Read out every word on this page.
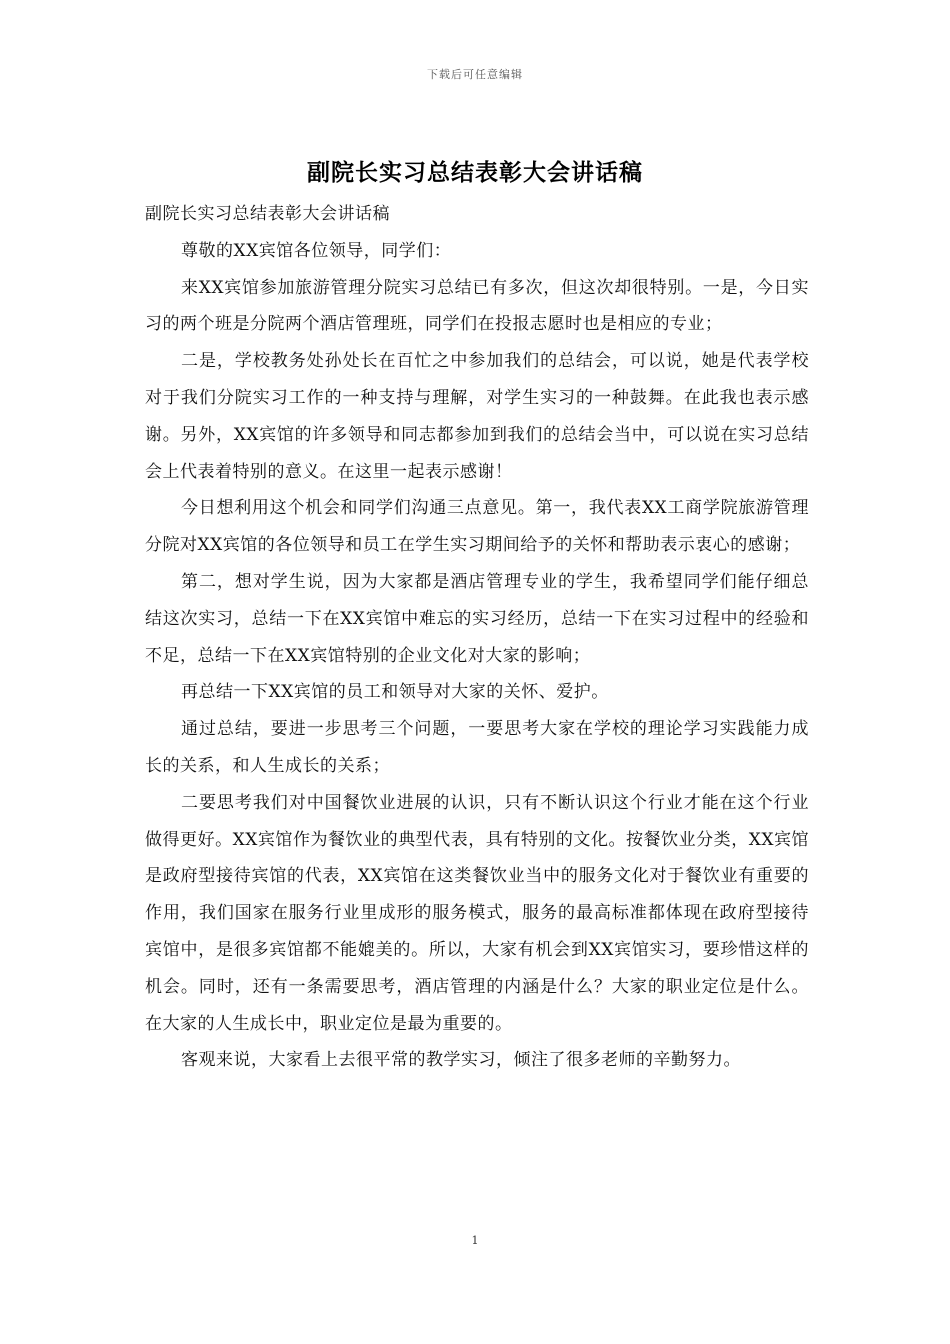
下载后可任意编辑
副院长实习总结表彰大会讲话稿

副院长实习总结表彰大会讲话稿

尊敬的XX宾馆各位领导，同学们：

来XX宾馆参加旅游管理分院实习总结已有多次，但这次却很特别。一是，今日实习的两个班是分院两个酒店管理班，同学们在投报志愿时也是相应的专业；

二是，学校教务处孙处长在百忙之中参加我们的总结会，可以说，她是代表学校对于我们分院实习工作的一种支持与理解，对学生实习的一种鼓舞。在此我也表示感谢。另外，XX宾馆的许多领导和同志都参加到我们的总结会当中，可以说在实习总结会上代表着特别的意义。在这里一起表示感谢！

今日想利用这个机会和同学们沟通三点意见。第一，我代表XX工商学院旅游管理分院对XX宾馆的各位领导和员工在学生实习期间给予的关怀和帮助表示衷心的感谢；

第二，想对学生说，因为大家都是酒店管理专业的学生，我希望同学们能仔细总结这次实习，总结一下在XX宾馆中难忘的实习经历，总结一下在实习过程中的经验和不足，总结一下在XX宾馆特别的企业文化对大家的影响；

再总结一下XX宾馆的员工和领导对大家的关怀、爱护。

通过总结，要进一步思考三个问题，一要思考大家在学校的理论学习实践能力成长的关系，和人生成长的关系；

二要思考我们对中国餐饮业进展的认识，只有不断认识这个行业才能在这个行业做得更好。XX宾馆作为餐饮业的典型代表，具有特别的文化。按餐饮业分类，XX宾馆是政府型接待宾馆的代表，XX宾馆在这类餐饮业当中的服务文化对于餐饮业有重要的作用，我们国家在服务行业里成形的服务模式，服务的最高标准都体现在政府型接待宾馆中，是很多宾馆都不能媲美的。所以，大家有机会到XX宾馆实习，要珍惜这样的机会。同时，还有一条需要思考，酒店管理的内涵是什么？大家的职业定位是什么。在大家的人生成长中，职业定位是最为重要的。

客观来说，大家看上去很平常的教学实习，倾注了很多老师的辛勤努力。

1
